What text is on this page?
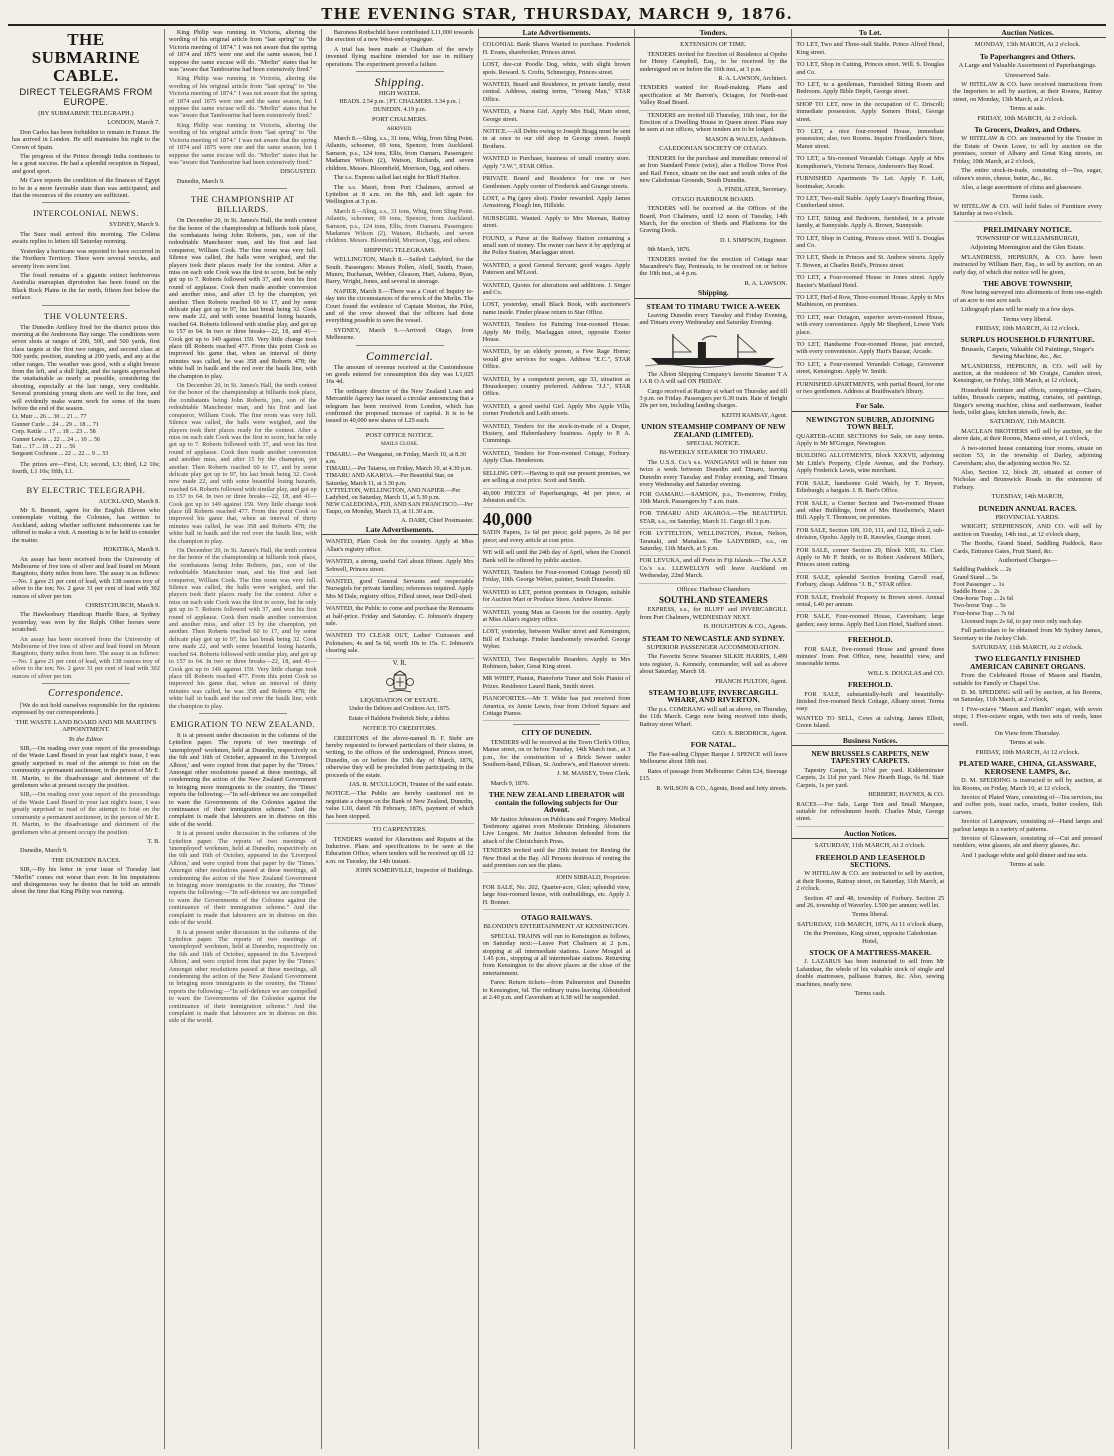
THE EVENING STAR, THURSDAY, MARCH 9, 1876.
THE SUBMARINE CABLE.
DIRECT TELEGRAMS FROM EUROPE.
(BY SUBMARINE TELEGRAPH.)

LONDON, March 7.

Don Carlos has been forbidden to remain in France. He has arrived in London. He still maintains his right to the Crown of Spain.

The progress of the Prince through India continues to be a great success. He had a splendid reception in Nepaul, and good sport.

Mr Cave reports the condition of the finances of Egypt to be in a more favorable state than was anticipated, and that the resources of the country are sufficient.

INTERCOLONIAL NEWS.

SYDNEY, March 9.

The Suez mail arrived this morning. The Colima awaits replies to letters till Saturday morning.

Yesterday a hurricane was reported to have occurred in the Northern Territory. There were several wrecks, and seventy lives were lost.

The fossil remains of a gigantic extinct herbiverous Australia marsupian diprotodon has been found on the Black Rock Plains in the far north, fifteen feet below the surface.

THE VOLUNTEERS.

The Dunedin Artillery fired for the district prizes this morning at the Andersons Bay range. The conditions were seven shots at ranges of 200, 500, and 500 yards, first class targets at the first two ranges, and second class at 500 yards; position, standing at 200 yards, and any at the other ranges. The weather was good, with a slight breeze from the left, and a dull light, and the targets approached the unattainable as nearly as possible, considering the shooting, especially at the last range, very creditable. Several promising young shots are well to the fore, and will evidently make warm work for some of the team before the end of the season.

Lt. Muir ... 26 ... 30 ... 21 ... 77
Gunner Curle ... 24 ... 29 ... 18 ... 71
Corp. Kettle ... 17 ... 18 ... 23 ... 58
Gunner Lewis ... 22 ... 24 ... 10 ... 56
Tait ... 17 ... 18 ... 21 ... 56
Sergeant Cochrane ... 22 ... 22 ... 9 ... 53

The prizes are—First, L3; second, L3; third, L2 10s; fourth, L1 10s; fifth, L1.

BY ELECTRIC TELEGRAPH.

AUCKLAND, March 8.

Mr S. Bennett, agent for the English Eleven who contemplate visiting the Colonies, has written to Auckland, asking whether sufficient inducements can be offered to make a visit. A meeting is to be held to consider the matter.

HOKITIKA, March 9.

An assay has been received from the University of Melbourne of five tons of silver and lead found on Mount Rangitoto, thirty miles from here. The assay is as follows:—No. 1 gave 21 per cent of lead, with 138 ounces troy of silver to the ton; No. 2 gave 31 per cent of lead with 302 ounces of silver per ton.

CHRISTCHURCH, March 9.

The Hawkesbury Handicap Hurdle Race, at Sydney yesterday, was won by the Ralph. Other horses were scratched.

An assay has been received from the University of Melbourne of five tons of silver and lead found on Mount Rangitoto, thirty miles from here. The assay is as follows:—No. 1 gave 21 per cent of lead, with 138 ounces troy of silver to the ton; No. 2 gave 31 per cent of lead with 302 ounces of silver per ton.

Correspondence.

[We do not hold ourselves responsible for the opinions expressed by our correspondents.]

THE WASTE LAND BOARD AND MR MARTIN'S APPOINTMENT.
To the Editor.

SIR,—On reading over your report of the proceedings of the Waste Land Board in your last night's issue, I was greatly surprised to read of the attempt to foist on the community a permanent auctioneer, in the person of Mr E. H. Martin, to the disadvantage and detriment of the gentlemen who at present occupy the position.

SIR,—On reading over your report of the proceedings of the Waste Land Board in your last night's issue, I was greatly surprised to read of the attempt to foist on the community a permanent auctioneer, in the person of Mr E. H. Martin, to the disadvantage and detriment of the gentlemen who at present occupy the position.

T. B.

Dunedin, March 9.

THE DUNEDIN RACES.

SIR,—By his letter in your issue of Tuesday last "Merlin" comes out worse than ever. In his imputations and disingenuous way he denies that he told an untruth about the time that King Philip was running.

King Philip was running in Victoria, altering the wording of his original article from "last spring" to "the Victoria meeting of 1874." I was not aware that the spring of 1874 and 1875 were one and the same season, but I suppose the same excuse will do. "Merlin" states that he was "aware that Tambourine had been extensively fired."

King Philip was running in Victoria, altering the wording of his original article from "last spring" to "the Victoria meeting of 1874." I was not aware that the spring of 1874 and 1875 were one and the same season, but I suppose the same excuse will do. "Merlin" states that he was "aware that Tambourine had been extensively fired."

King Philip was running in Victoria, altering the wording of his original article from "last spring" to "the Victoria meeting of 1874." I was not aware that the spring of 1874 and 1875 were one and the same season, but I suppose the same excuse will do. "Merlin" states that he was "aware that Tambourine had been extensively fired."

DISGUSTED.

Dunedin, March 9.

THE CHAMPIONSHIP AT BILLIARDS.

On December 20, in St. James's Hall, the tenth contest for the honor of the championship at billiards took place, the combatants being John Roberts, jun., son of the redoubtable Manchester man, and his first and last conqueror, William Cook. The fine room was very full. Silence was called, the balls were weighed, and the players took their places ready for the contest. After a miss on each side Cook was the first to score, but he only got up to 7. Roberts followed with 37, and won his first round of applause. Cook then made another conversion and another miss, and after 15 by the champion, yet another. Then Roberts reached 60 to 17, and by some delicate play got up to 97, his last break being 32. Cook now made 22, and with some beautiful losing hazards, reached 64. Roberts followed with similar play, and got up to 157 to 64. In two or three breaks—22, 18, and 41—Cook got up to 149 against 159. Very little change took place till Roberts reached 477. From this point Cook so improved his game that, when an interval of thirty minutes was called, he was 358 and Roberts 478; the white ball in baulk and the red over the baulk line, with the champion to play.

On December 20, in St. James's Hall, the tenth contest for the honor of the championship at billiards took place, the combatants being John Roberts, jun., son of the redoubtable Manchester man, and his first and last conqueror, William Cook. The fine room was very full. Silence was called, the balls were weighed, and the players took their places ready for the contest. After a miss on each side Cook was the first to score, but he only got up to 7. Roberts followed with 37, and won his first round of applause. Cook then made another conversion and another miss, and after 15 by the champion, yet another. Then Roberts reached 60 to 17, and by some delicate play got up to 97, his last break being 32. Cook now made 22, and with some beautiful losing hazards, reached 64. Roberts followed with similar play, and got up to 157 to 64. In two or three breaks—22, 18, and 41—Cook got up to 149 against 159. Very little change took place till Roberts reached 477. From this point Cook so improved his game that, when an interval of thirty minutes was called, he was 358 and Roberts 478; the white ball in baulk and the red over the baulk line, with the champion to play.

On December 20, in St. James's Hall, the tenth contest for the honor of the championship at billiards took place, the combatants being John Roberts, jun., son of the redoubtable Manchester man, and his first and last conqueror, William Cook. The fine room was very full. Silence was called, the balls were weighed, and the players took their places ready for the contest. After a miss on each side Cook was the first to score, but he only got up to 7. Roberts followed with 37, and won his first round of applause. Cook then made another conversion and another miss, and after 15 by the champion, yet another. Then Roberts reached 60 to 17, and by some delicate play got up to 97, his last break being 32. Cook now made 22, and with some beautiful losing hazards, reached 64. Roberts followed with similar play, and got up to 157 to 64. In two or three breaks—22, 18, and 41—Cook got up to 149 against 159. Very little change took place till Roberts reached 477. From this point Cook so improved his game that, when an interval of thirty minutes was called, he was 358 and Roberts 478; the white ball in baulk and the red over the baulk line, with the champion to play.

EMIGRATION TO NEW ZEALAND.

It is at present under discussion in the columns of the Lyttelton paper. The reports of two meetings of 'unemployed' workmen, held at Dunedin, respectively on the 6th and 16th of October, appeared in the 'Liverpool Albion,' and were copied from that paper by the 'Times.' Amongst other resolutions passed at these meetings, all condemning the action of the New Zealand Government in bringing more immigrants to the country, the 'Times' reports the following:—"In self-defence we are compelled to warn the Governments of the Colonies against the continuance of their immigration scheme." And the complaint is made that labourers are in distress on this side of the world.

It is at present under discussion in the columns of the Lyttelton paper. The reports of two meetings of 'unemployed' workmen, held at Dunedin, respectively on the 6th and 16th of October, appeared in the 'Liverpool Albion,' and were copied from that paper by the 'Times.' Amongst other resolutions passed at these meetings, all condemning the action of the New Zealand Government in bringing more immigrants to the country, the 'Times' reports the following:—"In self-defence we are compelled to warn the Governments of the Colonies against the continuance of their immigration scheme." And the complaint is made that labourers are in distress on this side of the world.

It is at present under discussion in the columns of the Lyttelton paper. The reports of two meetings of 'unemployed' workmen, held at Dunedin, respectively on the 6th and 16th of October, appeared in the 'Liverpool Albion,' and were copied from that paper by the 'Times.' Amongst other resolutions passed at these meetings, all condemning the action of the New Zealand Government in bringing more immigrants to the country, the 'Times' reports the following:—"In self-defence we are compelled to warn the Governments of the Colonies against the continuance of their immigration scheme." And the complaint is made that labourers are in distress on this side of the world.

Baroness Rothschild have contributed L11,000 towards the erection of a new West-end synagogue.

A trial has been made at Chatham of the newly invented flying machine intended for use in military operations. The experiment proved a failure.

Shipping.
HIGH WATER.
HEADS. 2.54 p.m. | PT. CHALMERS. 3.34 p.m. | DUNEDIN. 4.19 p.m.
PORT CHALMERS.
ARRIVED.

March 8.—Sling, s.s., 31 tons, Whig, from Sling Point. Atlantis, schooner, 69 tons, Spencer, from Auckland. Samson, p.s., 124 tons, Ellis, from Oamaru. Passengers: Madames Wilson (2), Watson, Richards, and seven children. Messrs. Bloomfield, Morrison, Ogg, and others.

The s.s. Express sailed last night for Bluff Harbor.

The s.s. Maori, from Port Chalmers, arrived at Lyttelton at 8 a.m. on the 8th, and left again for Wellington at 3 p.m.

March 8.—Sling, s.s., 31 tons, Whig, from Sling Point. Atlantis, schooner, 69 tons, Spencer, from Auckland. Samson, p.s., 124 tons, Ellis, from Oamaru. Passengers: Madames Wilson (2), Watson, Richards, and seven children. Messrs. Bloomfield, Morrison, Ogg, and others.

SHIPPING TELEGRAMS.

WELLINGTON, March 8.—Sailed: Ladybird, for the South. Passengers: Messrs Pollen, Abell, Smith, Fraser, Munro, Buchanan, Webber, Gleason, Hart, Adams, Ryan, Barry, Wright, Jones, and several in steerage.

NAPIER, March 8.—There was a Court of Inquiry to-day into the circumstances of the wreck of the Merlin. The Court found the evidence of Captain Morton, the Pilot, and of the crew showed that the officers had done everything possible to save the vessel.

SYDNEY, March 9.—Arrived: Otago, from Melbourne.

Commercial.

The amount of revenue received at the Customhouse on goods entered for consumption this day was L1,025 16s 4d.

The ordinary director of the New Zealand Loan and Mercantile Agency has issued a circular announcing that a telegram has been received from London, which has confirmed the proposed increase of capital. It is to be issued in 40,000 new shares of L25 each.

POST OFFICE NOTICE.
MAILS CLOSE.
TIMARU.—Per Wanganui, on Friday, March 10, at 8.30 a.m.
TIMARU.—Per Taiaroa, on Friday, March 10, at 4.30 p.m.
TIMARU AND AKAROA.—Per Beautiful Star, on Saturday, March 11, at 3.30 p.m.
LYTTELTON, WELLINGTON, AND NAPIER.—Per Ladybird, on Saturday, March 11, at 5.30 p.m.
NEW CALEDONIA, FIJI, AND SAN FRANCISCO.—Per Taupo, on Monday, March 13, at 11.30 a.m.

A. DARE, Chief Postmaster.

Late Advertisements.

WANTED, Plain Cook for the country. Apply at Miss Allan's registry office.

WANTED, a strong, useful Girl about fifteen. Apply Mrs Sobwell, Princes street.

WANTED, good General Servants and respectable Nursegirls for private families; references required. Apply Mrs M Dale, registry office, Filleul street, near Drill-shed.

WANTED, the Public to come and purchase the Remnants at half-price. Friday and Saturday. C. Johnson's drapery sale.

WANTED TO CLEAR OUT, Ladies' Cuirasses and Polonaises, 4s and 5s 6d, worth 10s to 15s. C. Johnson's clearing sale.

V. R.
LIQUIDATION OF ESTATE.
Under the Debtors and Creditors Act, 1875.
Estate of Baldwin Frederick Stehr, a debtor.
NOTICE TO CREDITORS.

CREDITORS of the above-named B. F. Stehr are hereby requested to forward particulars of their claims, in writing, to the offices of the undersigned, Princes street, Dunedin, on or before the 15th day of March, 1876, otherwise they will be precluded from participating in the proceeds of the estate.

JAS. R. M'CULLOCH, Trustee of the said estate.

NOTICE.—The Public are hereby cautioned not to negotiate a cheque on the Bank of New Zealand, Dunedin, value L10, dated 7th February, 1876, payment of which has been stopped.

TO CARPENTERS.

TENDERS wanted for Alterations and Repairs at the Inductree. Plans and specifications to be seen at the Education Office, where tenders will be received up till 12 a.m. on Tuesday, the 14th instant.

JOHN SOMERVILLE, Inspector of Buildings.

Late Advertisements.

COLONIAL Bank Shares Wanted to purchase. Frederick H. Evans, sharebroker, Princes street.

LOST, dee-cut Poodle Dog, white, with slight brown spots. Reward. S. Crofts, Schmerguy, Princes street.

WANTED, Board and Residence, in private family, most central. Address, stating terms, "Young Man," STAR Office.

WANTED, a Nurse Girl. Apply Mrs Hall, Main street, George street.

NOTICE.—All Debts owing to Joseph Bragg must be sent in at once to our old shop in George street. Joseph Brothers.

WANTED to Purchase, business of small country store. Apply "J.W.", STAR Office.

PRIVATE Board and Residence for one or two Gentlemen. Apply corner of Frederick and Grange streets.

LOST, a Pig (grey shot). Finder rewarded. Apply James Armstrong, Flough Inn, Hillside.

NURSEGIRL Wanted. Apply to Mrs Meenan, Rattray street.

FOUND, a Purse at the Railway Station containing a small sum of money. The owner can have it by applying at the Police Station, Maclaggan street.

WANTED, a good General Servant; good wages. Apply Paterson and M'Leod.

WANTED, Quotes for alterations and additions. J. Singer and Co.

LOST, yesterday, small Black Book, with auctioneer's name inside. Finder please return to Star Office.

WANTED, Tenders for Painting four-roomed House. Apply Mr Holly, Maclaggan street, opposite Exeter House.

WANTED, by an elderly person, a Few Rage Home; would give services for wages. Address "E.C.", STAR Office.

WANTED, by a competent person, age 33, situation as Housekeeper; country preferred. Address "J.J.", STAR Office.

WANTED, a good useful Girl. Apply Mrs Apple Villa, corner Frederick and Leith streets.

WANTED, Tenders for the stock-in-trade of a Draper, Hosiery, and Haberdashery business. Apply to P. A. Cummings.

WANTED, Tenders for Four-roomed Cottage, Forbury. Apply Chas. Henderson.

SELLING OFF.—Having to quit our present premises, we are selling at cost price. Scott and Smith.

40,000 PIECES of Paperhangings, 4d per piece, at Johnston and Co.

40,000

SATIN Papers, 1s 6d per piece; gold papers, 2s 6d per piece; and every article at cost price.

WE will sell until the 24th day of April, when the Council Bank will be offered by public auction.

WANTED, Tenders for Four-roomed Cottage (wood) till Friday, 10th. George Weber, painter, South Dunedin.

WANTED to LET, portion premises in Octagon, suitable for Auction Mart or Produce Store. Andrew Rennie.

WANTED, young Man as Groom for the country. Apply at Miss Allan's registry office.

LOST, yesterday, between Walker street and Kensington, Bill of Exchange. Finder handsomely rewarded. George Wyber.

WANTED, Two Respectable Boarders. Apply to Mrs Robinson, baker, Great King street.

MR WHIFF, Pianist, Pianoforte Tuner and Solo Pianist of Prizes. Residence Laurel Bank, Smith street.

PIANOFORTES.—Mr T. White has just received from America, ex Annie Lewis, four from Orford Square and Cottage Pianos.

CITY OF DUNEDIN.

TENDERS will be received at the Town Clerk's Office, Manse street, on or before Tuesday, 14th March inst., at 3 p.m., for the construction of a Brick Sewer under Southern-band, Fillean, St. Andrew's, and Hanover streets.

J. M. MASSEY, Town Clerk.

March 9, 1876.

THE NEW ZEALAND LIBERATOR will contain the following subjects for Our Advent.

Mr Justice Johnston on Publicans and Forgery. Medical Testimony against even Moderate Drinking. Abstainers Live Longest. Mr Justice Johnston defended from the attack of the Christchurch Press.

TENDERS invited until the 20th instant for Renting the New Hotel at the Bay. All Persons desirous of renting the said premises can see the plans.

JOHN SIBBALD, Proprietor.

FOR SALE, No. 202, Quarter-acre, Glen; splendid view, large four-roomed house, with outbuildings, etc. Apply J. H. Bonner.

OTAGO RAILWAYS.
BLONDIN'S ENTERTAINMENT AT KENSINGTON.

SPECIAL TRAINS will run to Kensington as follows, on Saturday next:—Leave Port Chalmers at 2 p.m., stopping at all intermediate stations. Leave Mosgiel at 1.45 p.m., stopping at all intermediate stations. Returning from Kensington to the above places at the close of the entertainment.

Fares: Return tickets—from Palmerston and Dunedin to Kensington, 6d. The ordinary trains leaving Abbotsford at 2.40 p.m. and Caversham at 6.38 will be suspended.

Tenders.
EXTENSION OF TIME.

TENDERS invited for Erection of Residence at Opoho for Henry Campbell, Esq., to be received by the undersigned on or before the 16th inst., at 3 p.m.

R. A. LAWSON, Architect.

TENDERS wanted for Road-making. Plans and specification at Mr Barron's, Octagon, for North-east Valley Road Board.

TENDERS are invited till Thursday, 16th inst., for the Erection of a Dwelling House in Queen street. Plans may be seen at our offices, where tenders are to be lodged.

MASON & WALES, Architects.

CALEDONIAN SOCIETY OF OTAGO.

TENDERS for the purchase and immediate removal of an Iron Standard Fence (wire), also a Hollow Trove Post and Rail Fence, situate on the east and south sides of the new Caledonian Grounds, South Dunedin.

A. FINDLATER, Secretary.

OTAGO HARBOUR BOARD.

TENDERS will be received at the Offices of the Board, Port Chalmers, until 12 noon of Tuesday, 14th March, for the erection of Sheds and Platforms for the Graving Dock.

D. I. SIMPSON, Engineer.

9th March, 1876.

TENDERS invited for the erection of Cottage near Macandrew's Bay, Peninsula, to be received on or before the 10th inst., at 4 p.m.

R. A. LAWSON.

Shipping.
STEAM TO TIMARU TWICE A-WEEK

Leaving Dunedin every Tuesday and Friday Evening, and Timaru every Wednesday and Saturday Evening.

The Albion Shipping Company's favorite Steamer T A I A R O A will sail ON FRIDAY.

Cargo received at Rattray st wharf on Thursday and till 3 p.m. on Friday. Passengers per 6.30 train. Rate of freight 20s per ton, including landing charges.

KEITH RAMSAY, Agent.

UNION STEAMSHIP COMPANY OF NEW ZEALAND (LIMITED).
SPECIAL NOTICE.
BI-WEEKLY STEAMER TO TIMARU.

The U.S.S. Co.'s s.s. WANGANUI will in future run twice a week between Dunedin and Timaru, leaving Dunedin every Tuesday and Friday evening, and Timaru every Wednesday and Saturday evening.

FOR OAMARU.—SAMSON, p.s., To-morrow, Friday, 10th March. Passengers by 7 a.m. train.

FOR TIMARU AND AKAROA.—The BEAUTIFUL STAR, s.s., on Saturday, March 11. Cargo till 3 p.m.

FOR LYTTELTON, WELLINGTON, Picton, Nelson, Taranaki, and Manakau. The LADYBIRD, s.s., on Saturday, 11th March, at 5 p.m.

FOR LEVUKA, and all Ports in Fiji Islands.—The A.S.P. Co.'s s.s. LLEWELLYN will leave Auckland on Wednesday, 22nd March.

Offices: Harbour Chambers
SOUTHLAND STEAMERS

EXPRESS, s.s., for BLUFF and INVERCARGILL from Port Chalmers, WEDNESDAY NEXT.

H. HOUGHTON & CO., Agents.

STEAM TO NEWCASTLE AND SYDNEY.
SUPERIOR PASSENGER ACCOMMODATION.

The Favorite Screw Steamer SILKIE HARRIS, 1,499 tons register, A. Kennedy, commander, will sail as above about Saturday, March 18.

FRANCIS FULTON, Agent.

STEAM TO BLUFF, INVERCARGILL WHARF, AND RIVERTON.

The p.s. COMERANG will sail as above, on Thursday, the 11th March. Cargo now being received into sheds, Rattray street Wharf.

GEO. S. BRODRICK, Agent.

FOR NATAL.

The Fast-sailing Clipper Barque J. SPENCE will leave Melbourne about 18th inst.

Rates of passage from Melbourne: Cabin £24, Steerage £15.

R. WILSON & CO., Agents, Bond and Jetty streets.

To Let.

TO LET, Two and Three-stall Stable. Prince Alfred Hotel, King street.

TO LET, Shop in Cutting, Princes street. Will. S. Douglas and Co.

TO LET, to a gentleman, Furnished Sitting Room and Bedroom. Apply Bible Depôt, George street.

SHOP TO LET, now in the occupation of C. Driscoll; immediate possession. Apply Somers Hotel, George street.

TO LET, a nice four-roomed House, immediate possession; also, two Rooms. Inquire Friedlander's Store, Manor street.

TO LET, a Six-roomed Verandah Cottage. Apply at Mrs Kempthorne's, Victoria Terrace, Anderson's Bay Road.

FURNISHED Apartments To Let. Apply F. Loft, bootmaker, Arcade.

TO LET, Two-stall Stable. Apply Leary's Boarding House, Cumberland street.

TO LET, Sitting and Bedroom, furnished, in a private family, at Sunnyside. Apply A. Brown, Sunnyside.

TO LET, Shop in Cutting, Princes street. Will S. Douglas and Co.

TO LET, Sheds in Princes and St. Andrew streets. Apply T. Bowen, at Charles Reid's, Princes street.

TO LET, a Four-roomed House in Jones street. Apply Baxter's Maitland Hotel.

TO LET, Herl-d Row, Three-roomed House. Apply to Mrs Mathieson, on premises.

TO LET, near Octagon, superior seven-roomed House, with every convenience. Apply Mr Shepherd, Lower York place.

TO LET, Handsome Four-roomed House, just erected, with every convenience. Apply Hart's Bazaar, Arcade.

TO LET, a Four-roomed Verandah Cottage, Grosvenor street, Kensington. Apply W. Smith.

FURNISHED APARTMENTS, with partial Board, for one or two gentlemen. Address at Braithwaite's library.

For Sale.
NEWINGTON SUBURB, ADJOINING TOWN BELT.

QUARTER-ACRE SECTIONS for Sale, on easy terms. Apply to Mr M'Gregor, Newington.

BUILDING ALLOTMENTS, Block XXXVII, adjoining Mr Little's Property, Clyde Avenue, and the Forbury. Apply Frederick Lewis, wine merchant.

FOR SALE, handsome Gold Watch, by T. Bryson, Edinburgh; a bargain. J. B. Bart's Office.

FOR SALE, a Corner Section and Two-roomed House and other Buildings, front of Mrs Hawthorne's, Maori Hill. Apply T. Thomson, on premises.

FOR SALE, Section 109, 110, 111, and 112, Block 2, sub-division, Opoho. Apply to R. Knowles, Grange street.

FOR SALE, corner Section 29, Block XIII, St. Clair. Apply to Mr P. Smith, or to Robert Anderson Miller's, Princes street cutting.

FOR SALE, splendid Section fronting Carroll road, Forbury, cheap. Address "J. B.," STAR office.

FOR SALE, Freehold Property in Brown street. Annual rental, L40 per annum.

FOR SALE, Four-roomed House, Caversham; large garden; easy terms. Apply Bed Lion Hotel, Stafford street.

FREEHOLD.

FOR SALE, five-roomed House and ground three minutes' from Post Office, new, beautiful view, and reasonable terms.

WILL S. DOUGLAS and CO.

FREEHOLD.

FOR SALE, substantially-built and beautifully-finished five-roomed Brick Cottage, Albany street. Terms easy.

WANTED TO SELL, Cows at calving. James Elliott, Green Island.

Business Notices.
NEW BRUSSELS CARPETS, NEW TAPESTRY CARPETS.

Tapestry Carpet, 3s 11½d per yard. Kidderminster Carpets, 2s 11d per yard. New Hearth Rugs, 6s 9d. Stair Carpets, 1s per yard.

HERBERT, HAYNES, & CO.

RACES.—For Sale, Large Tent and Small Marquee, suitable for refreshment booth. Charles Muir, George street.

Auction Notices.
SATURDAY, 11th MARCH, At 2 o'clock.
FREEHOLD AND LEASEHOLD SECTIONS.

W HITELAW & CO. are instructed to sell by auction, at their Rooms, Rattray street, on Saturday, 11th March, at 2 o'clock.

Section 47 and 48, township of Forbury. Section 25 and 26, township of Waverley. L500 per annum; well let.

Terms liberal.
SATURDAY, 11th MARCH, 1876, At 11 o'clock sharp,
On the Premises, King street, opposite Caledonian Hotel,
STOCK OF A MATTRESS-MAKER.

J. LAZARUS has been instructed to sell from Mr Lafandear, the whole of his valuable stock of single and double mattresses, palliasse frames, &c. Also, sewing machines, nearly new.

Terms cash.
Auction Notices.
MONDAY, 13th MARCH, At 2 o'clock.
To Paperhangers and Others.
A Large and Valuable Assortment of Paperhangings.
Unreserved Sale.

W HITELAW & CO. have received instructions from the Importers to sell by auction, at their Rooms, Rattray street, on Monday, 13th March, at 2 o'clock.

Terms at sale.
FRIDAY, 10th MARCH, At 2 o'clock.
To Grocers, Dealers, and Others.

W HITELAW & CO. are instructed by the Trustee in the Estate of Owen Lowe, to sell by auction on the premises, corner of Albany and Great King streets, on Friday, 10th March, at 2 o'clock,

The entire stock-in-trade, consisting of—Tea, sugar, oilmen's stores, cheese, butter, &c., &c.

Also, a large assortment of china and glassware.

Terms cash.

W HITELAW & CO. will hold Sales of Furniture every Saturday at two o'clock.

PRELIMINARY NOTICE.
TOWNSHIP OF WILLIAMSBURGH,
Adjoining Mornington and the Glen Estate.

M'LANDRESS, HEPBURN, & CO. have been instructed by William Barr, Esq., to sell by auction, on an early day, of which due notice will be given,

THE ABOVE TOWNSHIP,

Now being surveyed into allotments of from one-eighth of an acre to one acre each.

Lithograph plans will be ready in a few days.

Terms very liberal.
FRIDAY, 10th MARCH, At 12 o'clock.
SURPLUS HOUSEHOLD FURNITURE.
Brussels, Carpets, Valuable Oil Paintings, Singer's Sewing Machine, &c., &c.

M'LANDRESS, HEPBURN, & CO. will sell by auction, at the residence of Mr Craigie, Camden street, Kensington, on Friday, 10th March, at 12 o'clock,

Household furniture and effects, comprising—Chairs, tables, Brussels carpets, matting, curtains, oil paintings, Singer's sewing machine, china and earthenware, feather beds, toilet glass, kitchen utensils, fowls, &c.

SATURDAY, 11th MARCH.

MACLEAN BROTHERS will sell by auction, on the above date, at their Rooms, Manse street, at 1 o'clock,

A two-storied house containing four rooms, situate on section 53, in the township of Darley, adjoining Caversham; also, the adjoining section No. 52.

Also, Section 12, block 20, situated at corner of Nicholas and Brunswick Roads in the extension of Forbury.

TUESDAY, 14th MARCH,
DUNEDIN ANNUAL RACES.
PROVINCIAL YARDS.

WRIGHT, STEPHENSON, AND CO. will sell by auction on Tuesday, 14th inst., at 12 o'clock sharp,

The Booths, Grand Stand, Saddling Paddock, Race Cards, Entrance Gates, Fruit Stand, &c.

Authorised Charges—
Saddling Paddock ... 2s
Grand Stand ... 5s
Foot Passenger ... 1s
Saddle Horse ... 2s
One-horse Trap ... 2s 6d
Two-horse Trap ... 5s
Four-horse Trap ... 7s 6d

Licensed traps 2s 6d, to pay once only each day.

Full particulars to be obtained from Mr Sydney James, Secretary to the Jockey Club.

SATURDAY, 11th MARCH, At 2 o'clock.
TWO ELEGANTLY FINISHED AMERICAN CABINET ORGANS.

From the Celebrated House of Mason and Hamlin, suitable for Family or Chapel Use.

D. M. SPEDDING will sell by auction, at his Rooms, on Saturday, 11th March, at 2 o'clock,

1 Five-octave "Mason and Hamlin" organ, with seven stops; 1 Five-octave organ, with two sets of reeds, knee swell.

On View from Thursday.
Terms at sale.
FRIDAY, 10th MARCH, At 12 o'clock.
PLATED WARE, CHINA, GLASSWARE, KEROSENE LAMPS, &c.

D. M. SPEDDING is instructed to sell by auction, at his Rooms, on Friday, March 10, at 12 o'clock,

Invoice of Plated Ware, consisting of—Tea services, tea and coffee pots, toast racks, cruets, butter coolers, fish carvers.

Invoice of Lampware, consisting of—Hand lamps and parlour lamps in a variety of patterns.

Invoice of Glassware, consisting of—Cut and pressed tumblers, wine glasses, ale and sherry glasses, &c.

And 1 package white and gold dinner and tea sets.

Terms at sale.
